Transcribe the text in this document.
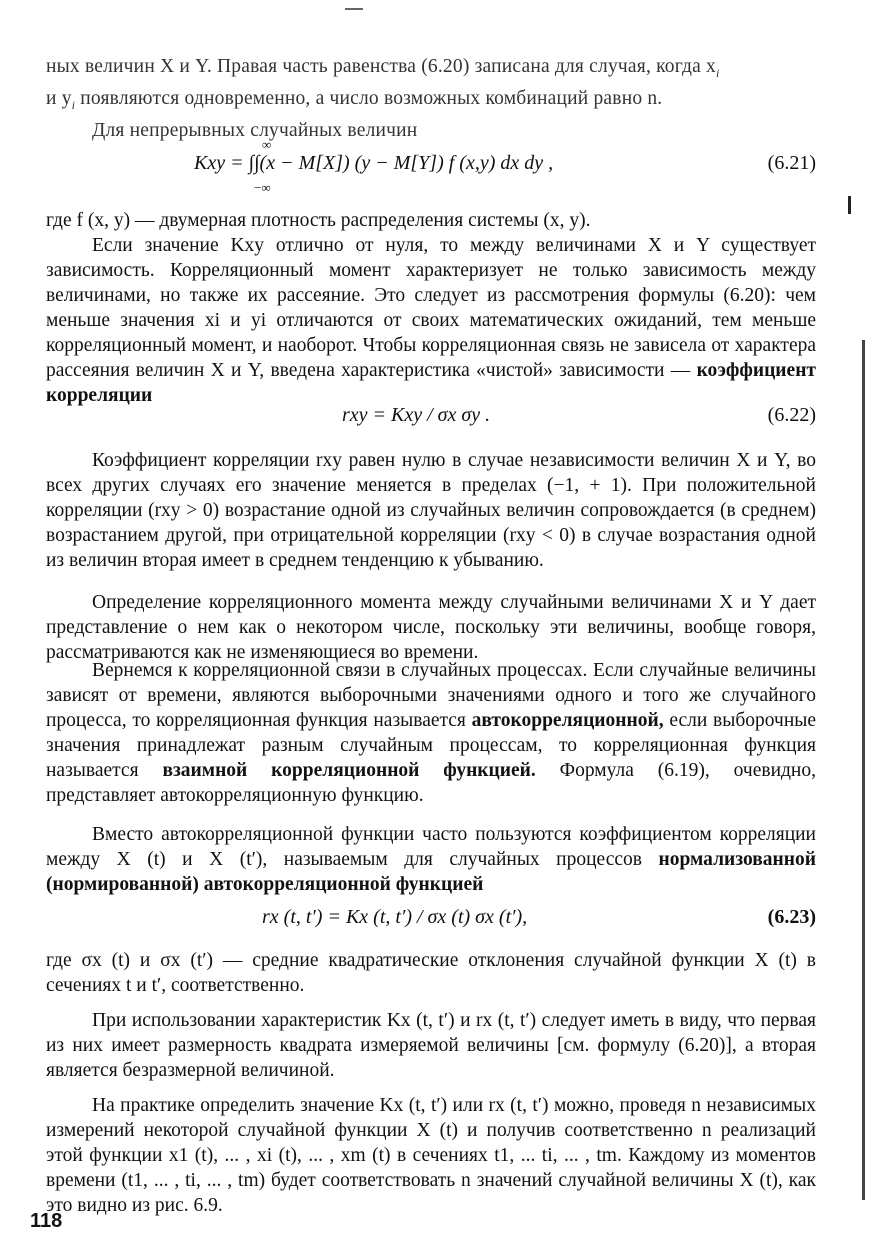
ных величин X и Y. Правая часть равенства (6.20) записана для случая, когда $x_i$

и $y_i$ появляются одновременно, а число возможных комбинаций равно n.

Для непрерывных случайных величин

∞
Kxy = ∫∫(x − M[X]) (y − M[Y]) f (x,y) dx dy ,
−∞
(6.21)

где f (x, y) — двумерная плотность распределения системы (x, y).

Если значение Kxy отлично от нуля, то между величинами X и Y существует зависимость. Корреляционный момент характеризует не только зависимость между величинами, но также их рассеяние. Это следует из рассмотрения формулы (6.20): чем меньше значения xi и yi отличаются от своих математических ожиданий, тем меньше корреляционный момент, и наоборот. Чтобы корреляционная связь не зависела от характера рассеяния величин X и Y, введена характеристика «чистой» зависимости — коэффициент корреляции

rxy = Kxy / σx σy .	(6.22)

Коэффициент корреляции rxy равен нулю в случае независимости величин X и Y, во всех других случаях его значение меняется в пределах (−1, + 1). При положительной корреляции (rxy > 0) возрастание одной из случайных величин сопровождается (в среднем) возрастанием другой, при отрицательной корреляции (rxy < 0) в случае возрастания одной из величин вторая имеет в среднем тенденцию к убыванию.

Определение корреляционного момента между случайными величинами X и Y дает представление о нем как о некотором числе, поскольку эти величины, вообще говоря, рассматриваются как не изменяющиеся во времени.

Вернемся к корреляционной связи в случайных процессах. Если случайные величины зависят от времени, являются выборочными значениями одного и того же случайного процесса, то корреляционная функция называется автокорреляционной, если выборочные значения принадлежат разным случайным процессам, то корреляционная функция называется взаимной корреляционной функцией. Формула (6.19), очевидно, представляет автокорреляционную функцию.

Вместо автокорреляционной функции часто пользуются коэффициентом корреляции между X (t) и X (t′), называемым для случайных процессов нормализованной (нормированной) автокорреляционной функцией

rx (t, t′) = Kx (t, t′) / σx (t) σx (t′),	(6.23)

где σx (t) и σx (t′) — средние квадратические отклонения случайной функции X (t) в сечениях t и t′, соответственно.

При использовании характеристик Kx (t, t′) и rx (t, t′) следует иметь в виду, что первая из них имеет размерность квадрата измеряемой величины [см. формулу (6.20)], а вторая является безразмерной величиной.

На практике определить значение Kx (t, t′) или rx (t, t′) можно, проведя n независимых измерений некоторой случайной функции X (t) и получив соответственно n реализаций этой функции x1 (t), ... , xi (t), ... , xm (t) в сечениях t1, ... ti, ... , tm. Каждому из моментов времени (t1, ... , ti, ... , tm) будет соответствовать n значений случайной величины X (t), как это видно из рис. 6.9.

118
